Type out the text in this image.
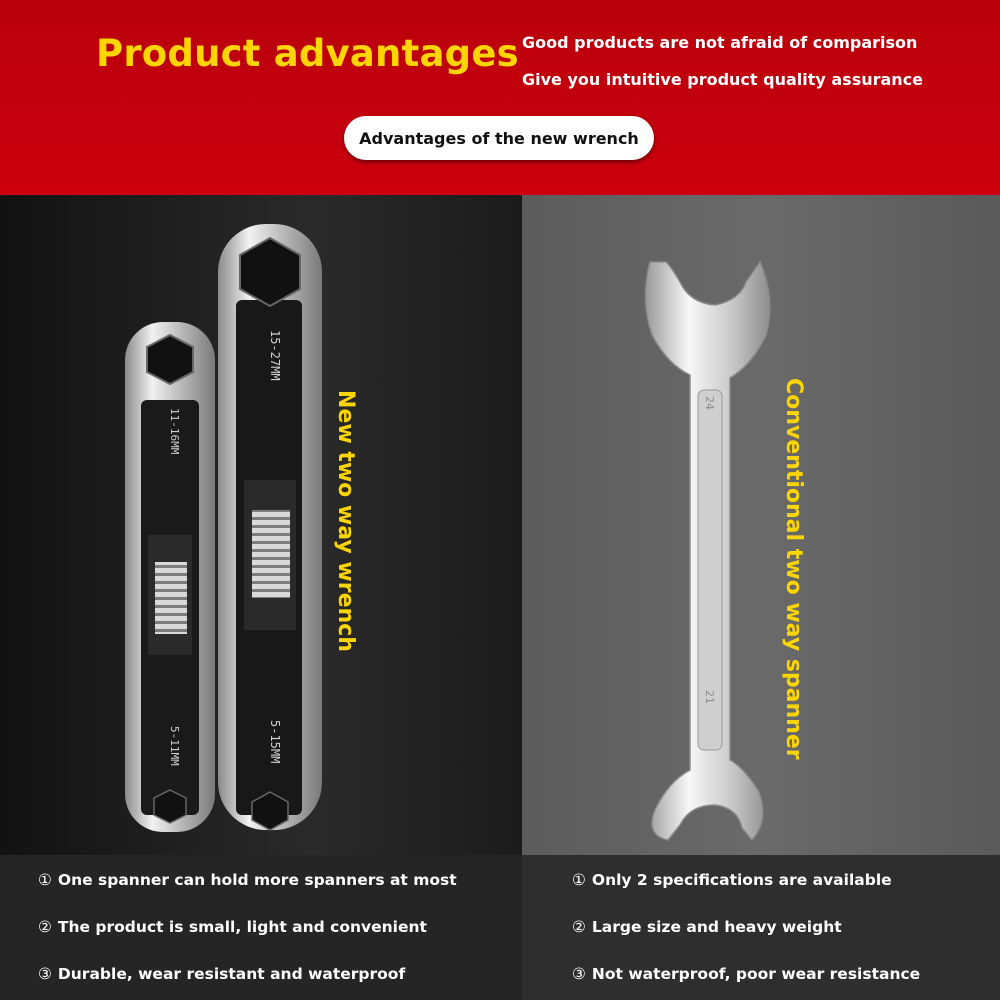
Product advantages Good products are not afraid of comparison
Give you intuitive product quality assurance
Advantages of the new wrench
11-16MM
5-11MM
15-27MM
5-15MM
24
21
New two way wrench	Conventional two way spanner
① One spanner can hold more spanners at most
② The product is small, light and convenient
③ Durable, wear resistant and waterproof
① Only 2 specifications are available
② Large size and heavy weight
③ Not waterproof, poor wear resistance
